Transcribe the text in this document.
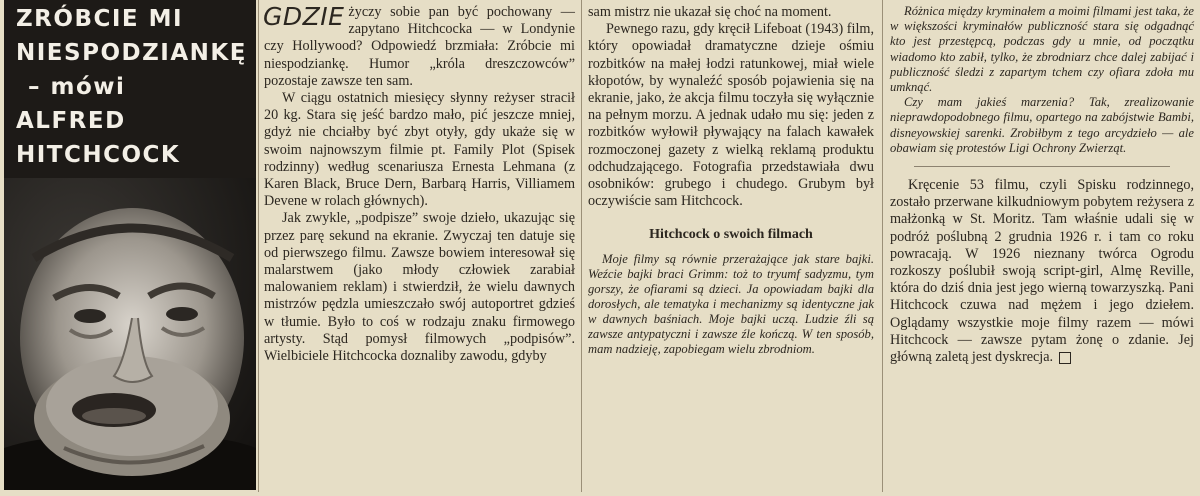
ZRÓBCIE MI
NIESPODZIANKĘ
– mówi
ALFRED
HITCHCOCK

GDZIE życzy sobie pan być pochowany — zapytano Hitchcocka — w Londynie czy Hollywood? Odpowiedź brzmiała: Zróbcie mi niespodziankę. Humor „króla dreszczowców” pozostaje zawsze ten sam.

W ciągu ostatnich miesięcy słynny reżyser stracił 20 kg. Stara się jeść bardzo mało, pić jeszcze mniej, gdyż nie chciałby być zbyt otyły, gdy ukaże się w swoim najnowszym filmie pt. Family Plot (Spisek rodzinny) według scenariusza Ernesta Lehmana (z Karen Black, Bruce Dern, Barbarą Harris, Villiamem Devene w rolach głównych).

Jak zwykle, „podpisze” swoje dzieło, ukazując się przez parę sekund na ekranie. Zwyczaj ten datuje się od pierwszego filmu. Zawsze bowiem interesował się malarstwem (jako młody człowiek zarabiał malowaniem reklam) i stwierdził, że wielu dawnych mistrzów pędzla umieszczało swój autoportret gdzieś w tłumie. Było to coś w rodzaju znaku firmowego artysty. Stąd pomysł filmowych „podpisów”. Wielbiciele Hitchcocka doznaliby zawodu, gdyby

sam mistrz nie ukazał się choć na moment.

Pewnego razu, gdy kręcił Lifeboat (1943) film, który opowiadał dramatyczne dzieje ośmiu rozbitków na małej łodzi ratunkowej, miał wiele kłopotów, by wynaleźć sposób pojawienia się na ekranie, jako, że akcja filmu toczyła się wyłącznie na pełnym morzu. A jednak udało mu się: jeden z rozbitków wyłowił pływający na falach kawałek rozmoczonej gazety z wielką reklamą produktu odchudzającego. Fotografia przedstawiała dwu osobników: grubego i chudego. Grubym był oczywiście sam Hitchcock.

Hitchcock o swoich filmach

Moje filmy są równie przerażające jak stare bajki. Weźcie bajki braci Grimm: toż to tryumf sadyzmu, tym gorszy, że ofiarami są dzieci. Ja opowiadam bajki dla dorosłych, ale tematyka i mechanizmy są identyczne jak w dawnych baśniach. Moje bajki uczą. Ludzie źli są zawsze antypatyczni i zawsze źle kończą. W ten sposób, mam nadzieję, zapobiegam wielu zbrodniom.

Różnica między kryminałem a moimi filmami jest taka, że w większości kryminałów publiczność stara się odgadnąć kto jest przestępcą, podczas gdy u mnie, od początku wiadomo kto zabił, tylko, że zbrodniarz chce dalej zabijać i publiczność śledzi z zapartym tchem czy ofiara zdoła mu umknąć.

Czy mam jakieś marzenia? Tak, zrealizowanie nieprawdopodobnego filmu, opartego na zabójstwie Bambi, disneyowskiej sarenki. Zrobiłbym z tego arcydzieło — ale obawiam się protestów Ligi Ochrony Zwierząt.

Kręcenie 53 filmu, czyli Spisku rodzinnego, zostało przerwane kilkudniowym pobytem reżysera z małżonką w St. Moritz. Tam właśnie udali się w podróż poślubną 2 grudnia 1926 r. i tam co roku powracają. W 1926 nieznany twórca Ogrodu rozkoszy poślubił swoją script-girl, Almę Reville, która do dziś dnia jest jego wierną towarzyszką. Pani Hitchcock czuwa nad mężem i jego dziełem. Oglądamy wszystkie moje filmy razem — mówi Hitchcock — zawsze pytam żonę o zdanie. Jej główną zaletą jest dyskrecja.
